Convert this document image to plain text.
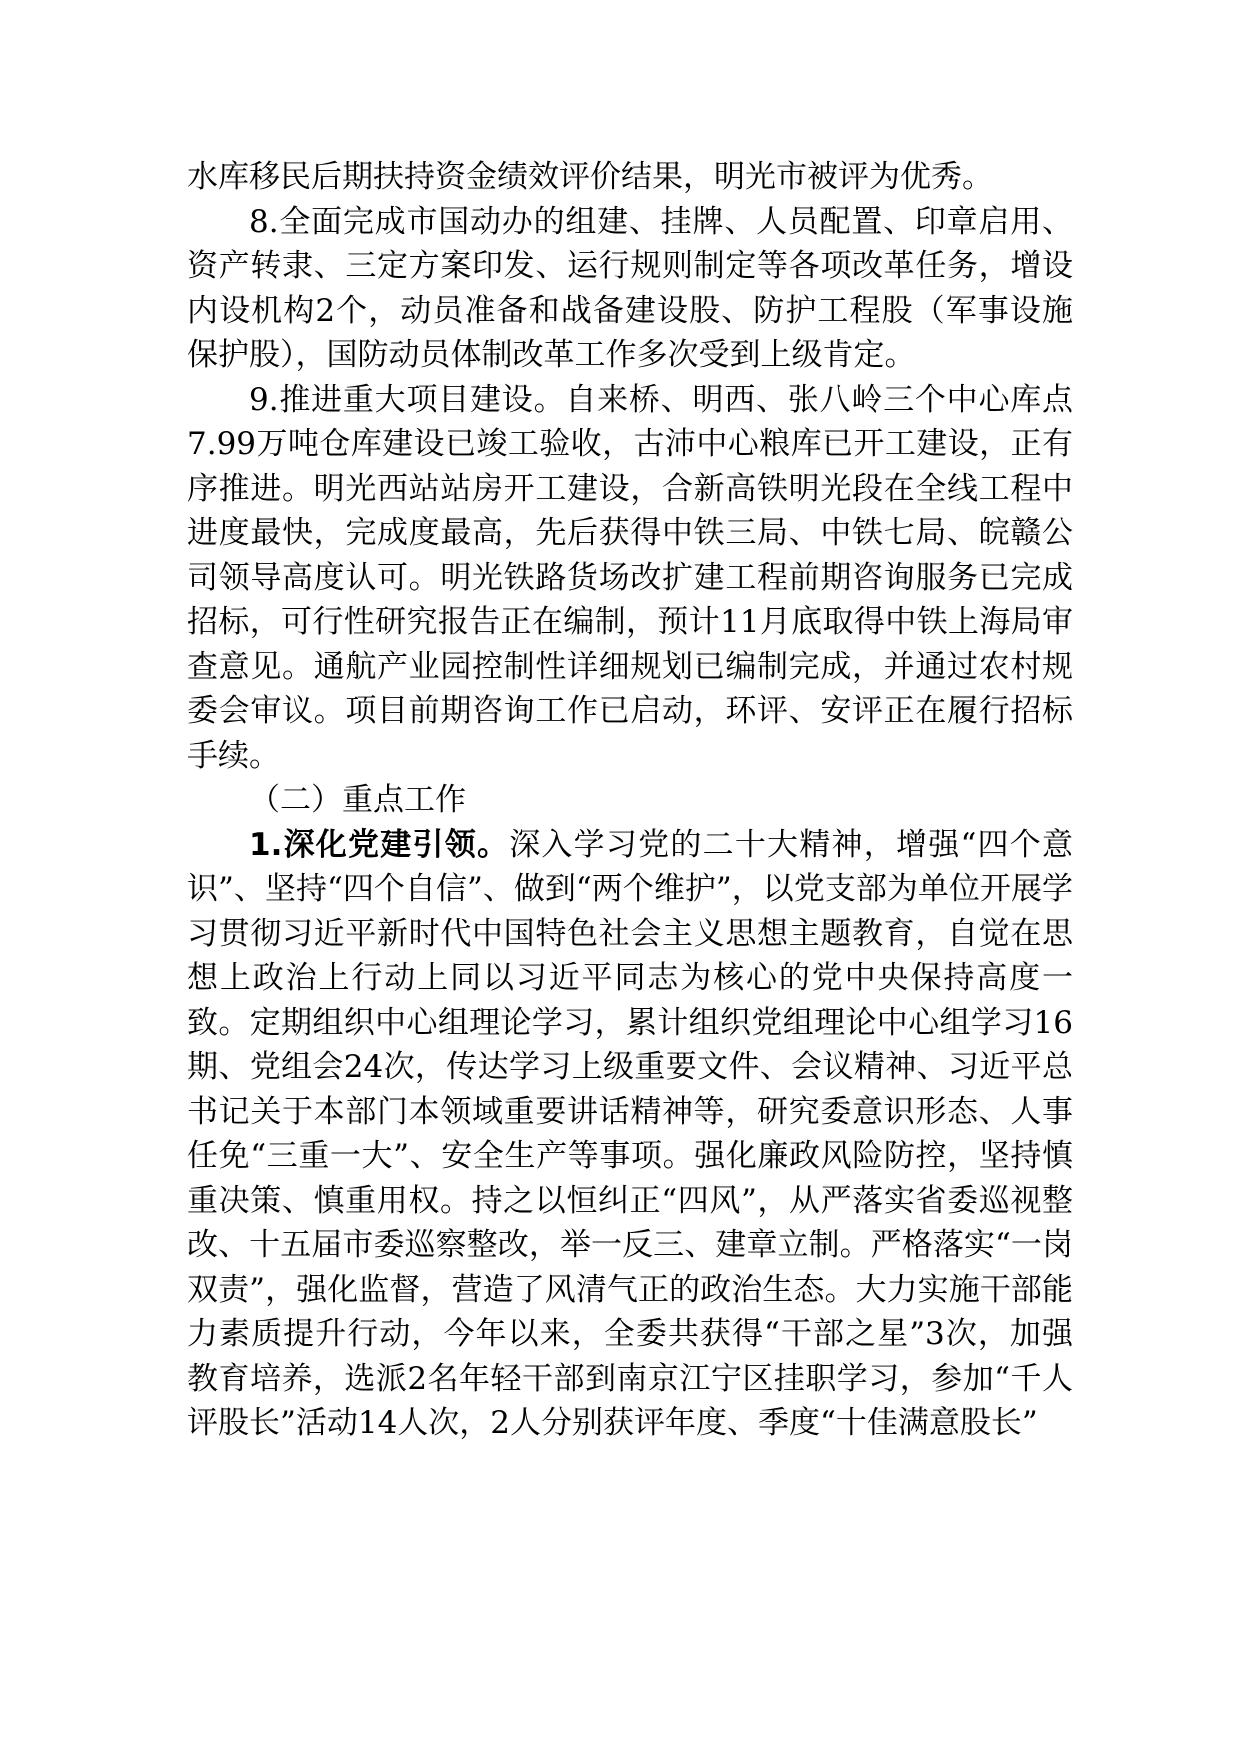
水库移民后期扶持资金绩效评价结果，明光市被评为优秀。

8.全面完成市国动办的组建、挂牌、人员配置、印章启用、资产转隶、三定方案印发、运行规则制定等各项改革任务，增设内设机构2个，动员准备和战备建设股、防护工程股（军事设施保护股），国防动员体制改革工作多次受到上级肯定。

9.推进重大项目建设。自来桥、明西、张八岭三个中心库点7.99万吨仓库建设已竣工验收，古沛中心粮库已开工建设，正有序推进。明光西站站房开工建设，合新高铁明光段在全线工程中进度最快，完成度最高，先后获得中铁三局、中铁七局、皖赣公司领导高度认可。明光铁路货场改扩建工程前期咨询服务已完成招标，可行性研究报告正在编制，预计11月底取得中铁上海局审查意见。通航产业园控制性详细规划已编制完成，并通过农村规委会审议。项目前期咨询工作已启动，环评、安评正在履行招标手续。

（二）重点工作

1.深化党建引领。深入学习党的二十大精神，增强“四个意识”、坚持“四个自信”、做到“两个维护”，以党支部为单位开展学习贯彻习近平新时代中国特色社会主义思想主题教育，自觉在思想上政治上行动上同以习近平同志为核心的党中央保持高度一致。定期组织中心组理论学习，累计组织党组理论中心组学习16期、党组会24次，传达学习上级重要文件、会议精神、习近平总书记关于本部门本领域重要讲话精神等，研究委意识形态、人事任免“三重一大”、安全生产等事项。强化廉政风险防控，坚持慎重决策、慎重用权。持之以恒纠正“四风”，从严落实省委巡视整改、十五届市委巡察整改，举一反三、建章立制。严格落实“一岗双责”，强化监督，营造了风清气正的政治生态。大力实施干部能力素质提升行动，今年以来，全委共获得“干部之星”3次，加强教育培养，选派2名年轻干部到南京江宁区挂职学习，参加“千人评股长”活动14人次，2人分别获评年度、季度“十佳满意股长”
